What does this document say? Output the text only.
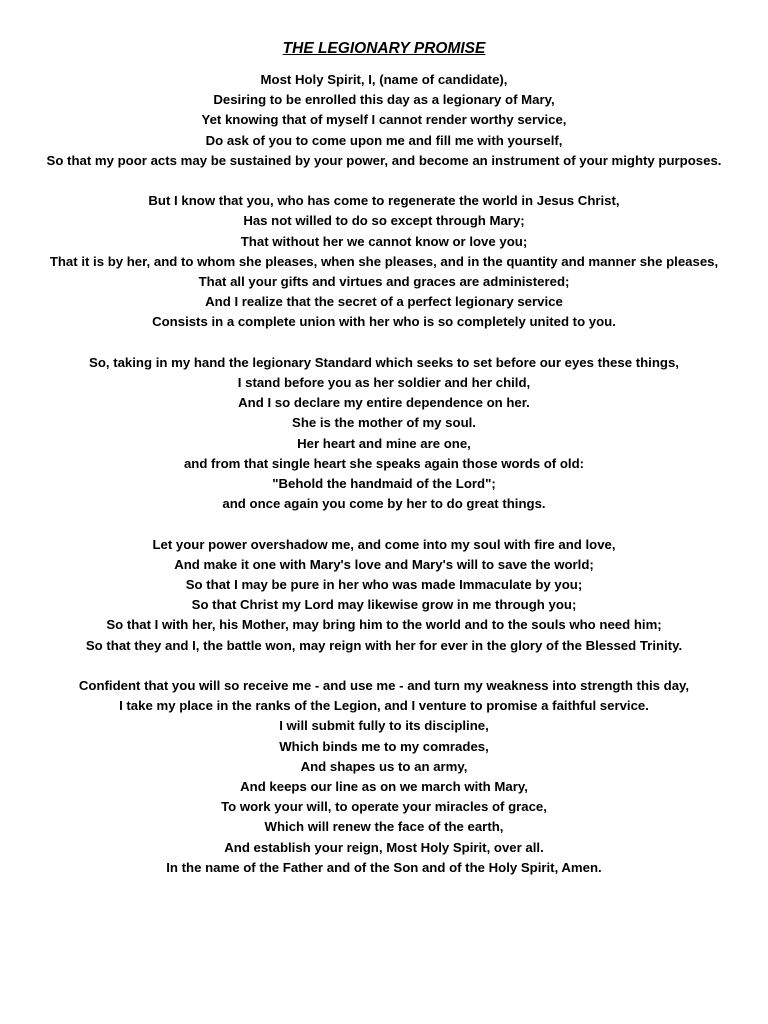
THE LEGIONARY PROMISE

Most Holy Spirit, I, (name of candidate),
Desiring to be enrolled this day as a legionary of Mary,
Yet knowing that of myself I cannot render worthy service,
Do ask of you to come upon me and fill me with yourself,
So that my poor acts may be sustained by your power, and become an instrument of your mighty purposes.

But I know that you, who has come to regenerate the world in Jesus Christ,
Has not willed to do so except through Mary;
That without her we cannot know or love you;
That it is by her, and to whom she pleases, when she pleases, and in the quantity and manner she pleases,
That all your gifts and virtues and graces are administered;
And I realize that the secret of a perfect legionary service
Consists in a complete union with her who is so completely united to you.

So, taking in my hand the legionary Standard which seeks to set before our eyes these things,
I stand before you as her soldier and her child,
And I so declare my entire dependence on her.
She is the mother of my soul.
Her heart and mine are one,
and from that single heart she speaks again those words of old:
"Behold the handmaid of the Lord";
and once again you come by her to do great things.

Let your power overshadow me, and come into my soul with fire and love,
And make it one with Mary's love and Mary's will to save the world;
So that I may be pure in her who was made Immaculate by you;
So that Christ my Lord may likewise grow in me through you;
So that I with her, his Mother, may bring him to the world and to the souls who need him;
So that they and I, the battle won, may reign with her for ever in the glory of the Blessed Trinity.

Confident that you will so receive me - and use me - and turn my weakness into strength this day,
I take my place in the ranks of the Legion, and I venture to promise a faithful service.
I will submit fully to its discipline,
Which binds me to my comrades,
And shapes us to an army,
And keeps our line as on we march with Mary,
To work your will, to operate your miracles of grace,
Which will renew the face of the earth,
And establish your reign, Most Holy Spirit, over all.
In the name of the Father and of the Son and of the Holy Spirit, Amen.
